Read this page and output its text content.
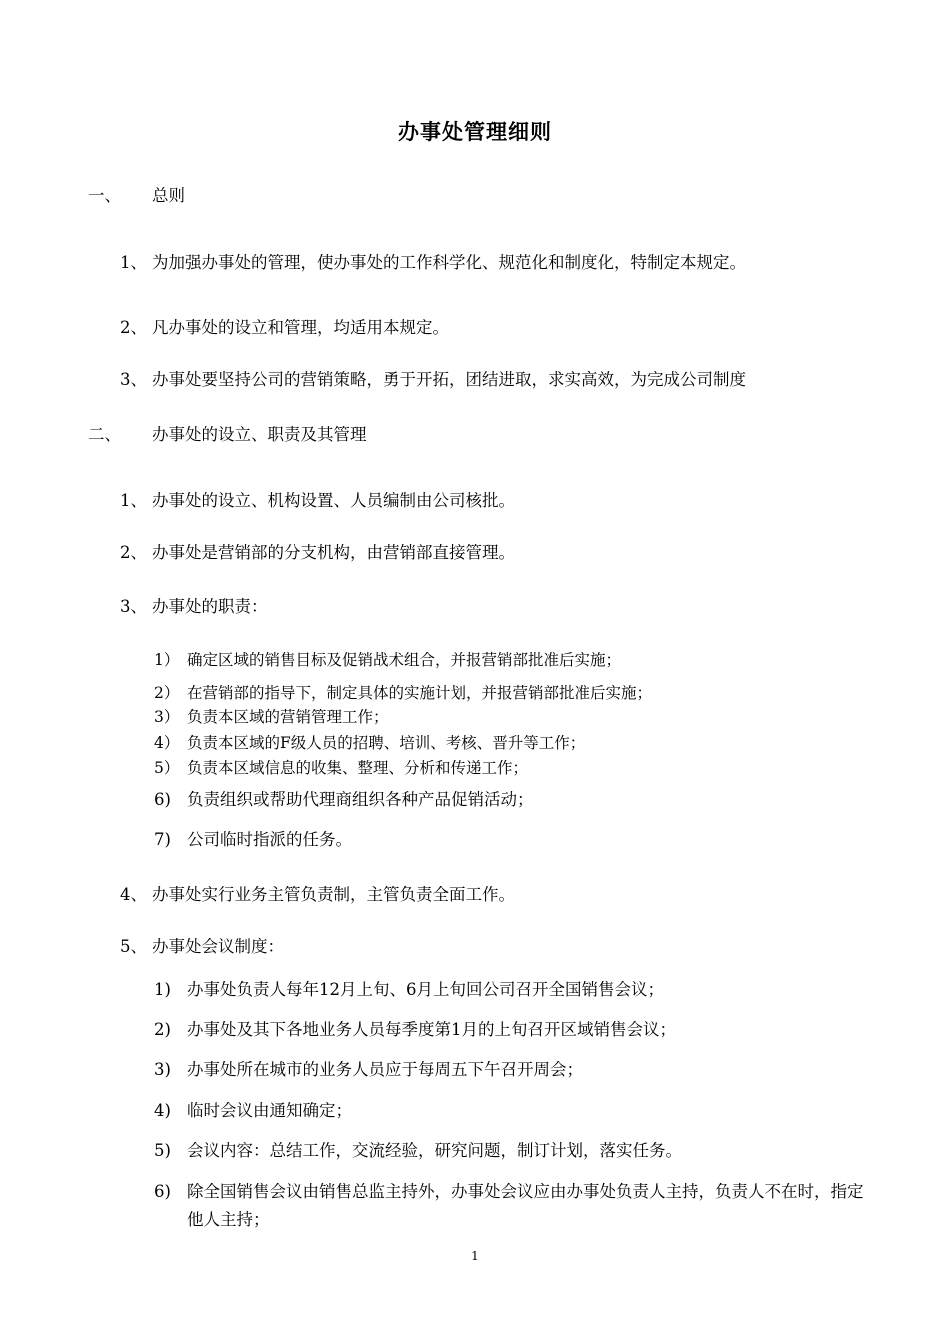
办事处管理细则
一、 总则
1、 为加强办事处的管理，使办事处的工作科学化、规范化和制度化，特制定本规定。
2、 凡办事处的设立和管理，均适用本规定。
3、 办事处要坚持公司的营销策略，勇于开拓，团结进取，求实高效，为完成公司制度
二、 办事处的设立、职责及其管理
1、 办事处的设立、机构设置、人员编制由公司核批。
2、 办事处是营销部的分支机构，由营销部直接管理。
3、 办事处的职责：
1） 确定区域的销售目标及促销战术组合，并报营销部批准后实施；
2） 在营销部的指导下，制定具体的实施计划，并报营销部批准后实施；
3） 负责本区域的营销管理工作；
4） 负责本区域的F级人员的招聘、培训、考核、晋升等工作；
5） 负责本区域信息的收集、整理、分析和传递工作；
6) 负责组织或帮助代理商组织各种产品促销活动；
7) 公司临时指派的任务。
4、 办事处实行业务主管负责制，主管负责全面工作。
5、 办事处会议制度：
1) 办事处负责人每年12月上旬、6月上旬回公司召开全国销售会议；
2) 办事处及其下各地业务人员每季度第1月的上旬召开区域销售会议；
3) 办事处所在城市的业务人员应于每周五下午召开周会；
4) 临时会议由通知确定；
5) 会议内容：总结工作，交流经验，研究问题，制订计划，落实任务。
6) 除全国销售会议由销售总监主持外，办事处会议应由办事处负责人主持，负责人不在时，指定他人主持；
1
